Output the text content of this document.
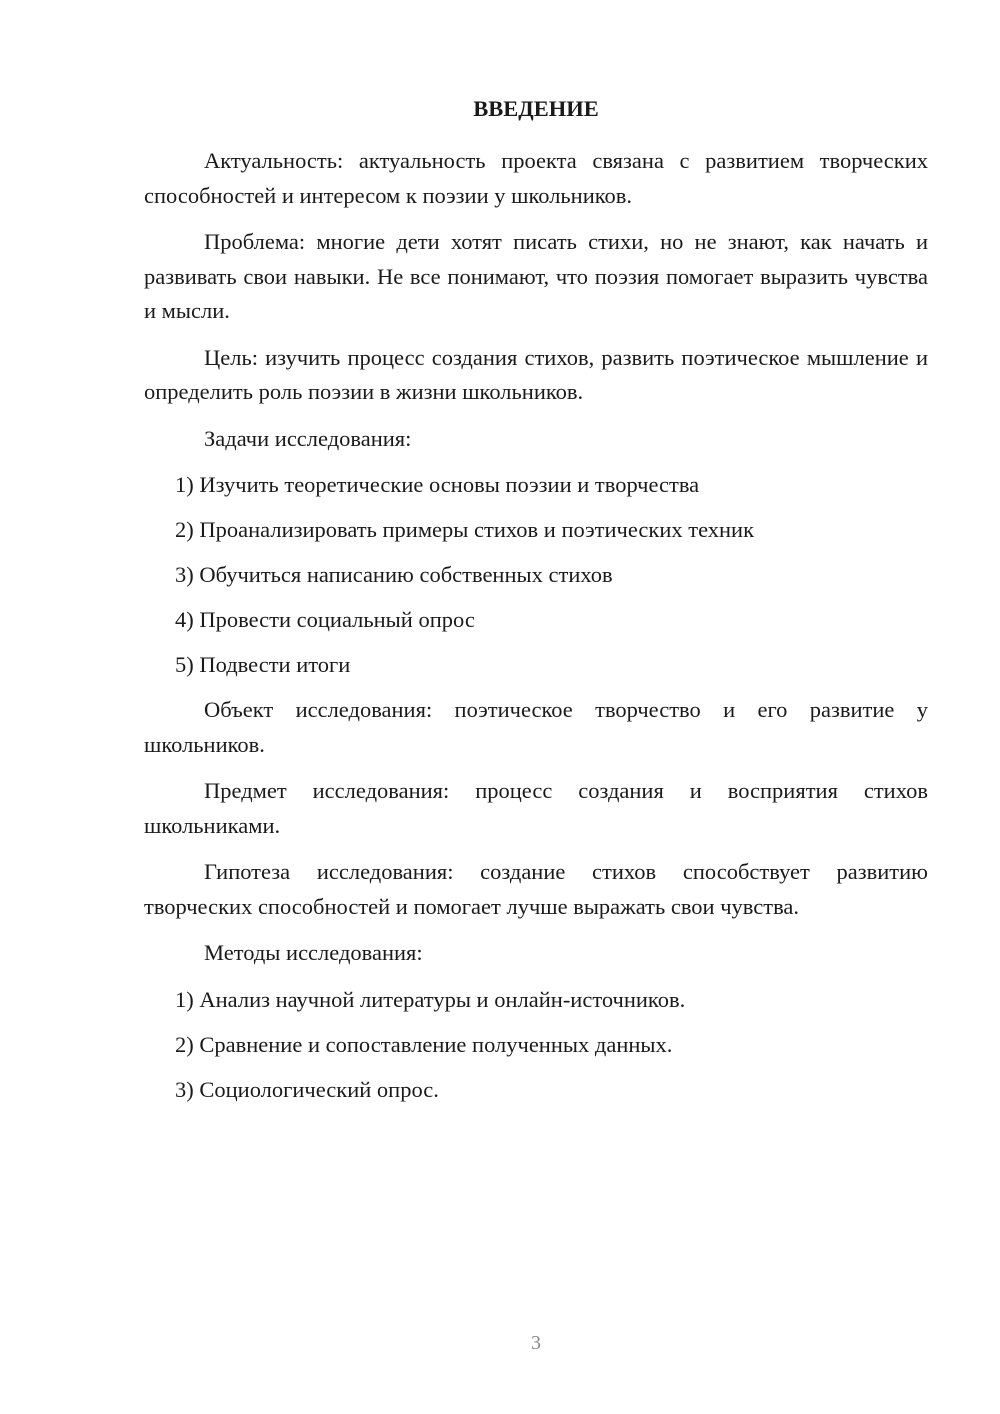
ВВЕДЕНИЕ

Актуальность: актуальность проекта связана с развитием творческих способностей и интересом к поэзии у школьников.

Проблема: многие дети хотят писать стихи, но не знают, как начать и развивать свои навыки. Не все понимают, что поэзия помогает выразить чувства и мысли.

Цель: изучить процесс создания стихов, развить поэтическое мышление и определить роль поэзии в жизни школьников.

Задачи исследования:

1) Изучить теоретические основы поэзии и творчества
2) Проанализировать примеры стихов и поэтических техник
3) Обучиться написанию собственных стихов
4) Провести социальный опрос
5) Подвести итоги

Объект исследования: поэтическое творчество и его развитие у школьников.

Предмет исследования: процесс создания и восприятия стихов школьниками.

Гипотеза исследования: создание стихов способствует развитию творческих способностей и помогает лучше выражать свои чувства.

Методы исследования:

1) Анализ научной литературы и онлайн-источников.
2) Сравнение и сопоставление полученных данных.
3) Социологический опрос.
3
